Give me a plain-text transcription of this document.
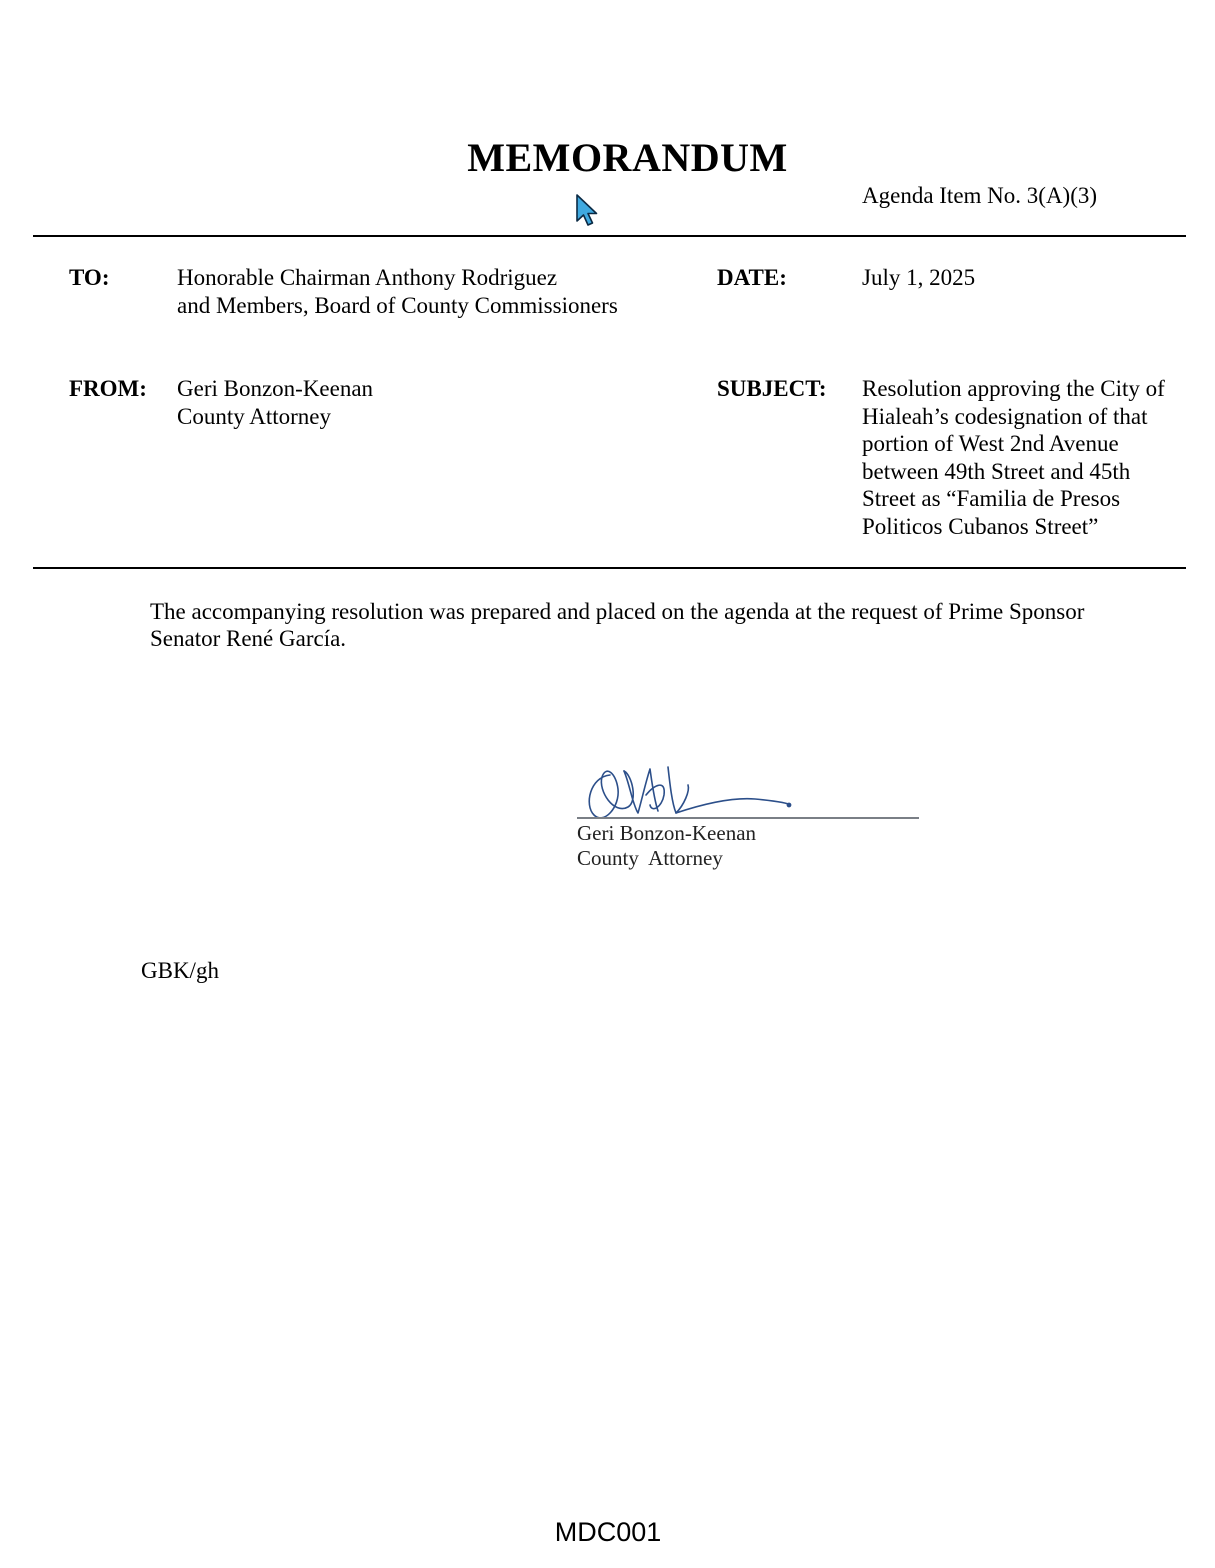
MEMORANDUM
Agenda Item No. 3(A)(3)
TO:	Honorable Chairman Anthony Rodriguez
and Members, Board of County Commissioners
DATE:	July 1, 2025
FROM: Geri Bonzon-Keenan
County Attorney
SUBJECT: Resolution approving the City of
Hialeah’s codesignation of that
portion of West 2nd Avenue
between 49th Street and 45th
Street as “Familia de Presos
Politicos Cubanos Street”
The accompanying resolution was prepared and placed on the agenda at the request of Prime Sponsor
Senator René García.
Geri Bonzon-Keenan
County  Attorney
GBK/gh
MDC001
